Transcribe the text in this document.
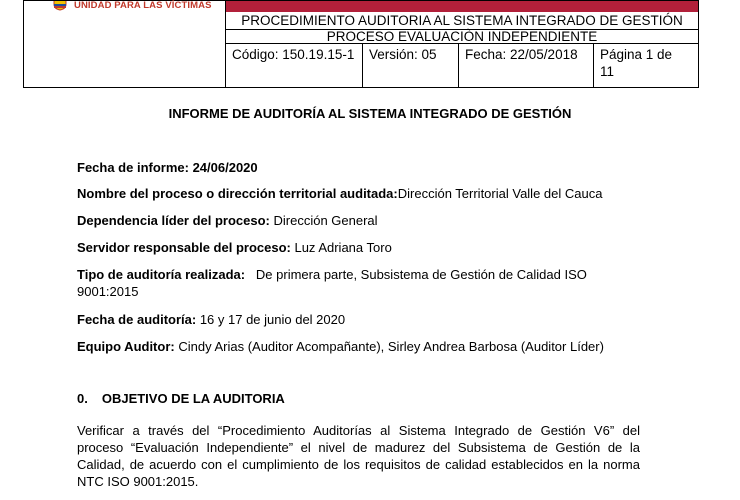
UNIDAD PARA LAS VÍCTIMAS

PROCEDIMIENTO AUDITORIA AL SISTEMA INTEGRADO DE GESTIÓN
PROCESO EVALUACIÒN INDEPENDIENTE
Código: 150.19.15-1	Versión: 05	Fecha: 22/05/2018	Página 1 de
11
INFORME DE AUDITORÍA AL SISTEMA INTEGRADO DE GESTIÓN
Fecha de informe: 24/06/2020
Nombre del proceso o dirección territorial auditada:Dirección Territorial Valle del Cauca
Dependencia líder del proceso: Dirección General
Servidor responsable del proceso: Luz Adriana Toro
Tipo de auditoría realizada:   De primera parte, Subsistema de Gestión de Calidad ISO
9001:2015
Fecha de auditoría: 16 y 17 de junio del 2020
Equipo Auditor: Cindy Arias (Auditor Acompañante), Sirley Andrea Barbosa (Auditor Líder)
0. OBJETIVO DE LA AUDITORIA
Verificar a través del “Procedimiento Auditorías al Sistema Integrado de Gestión V6” del
proceso “Evaluación Independiente” el nivel de madurez del Subsistema de Gestión de la
Calidad, de acuerdo con el cumplimiento de los requisitos de calidad establecidos en la norma
NTC ISO 9001:2015.
